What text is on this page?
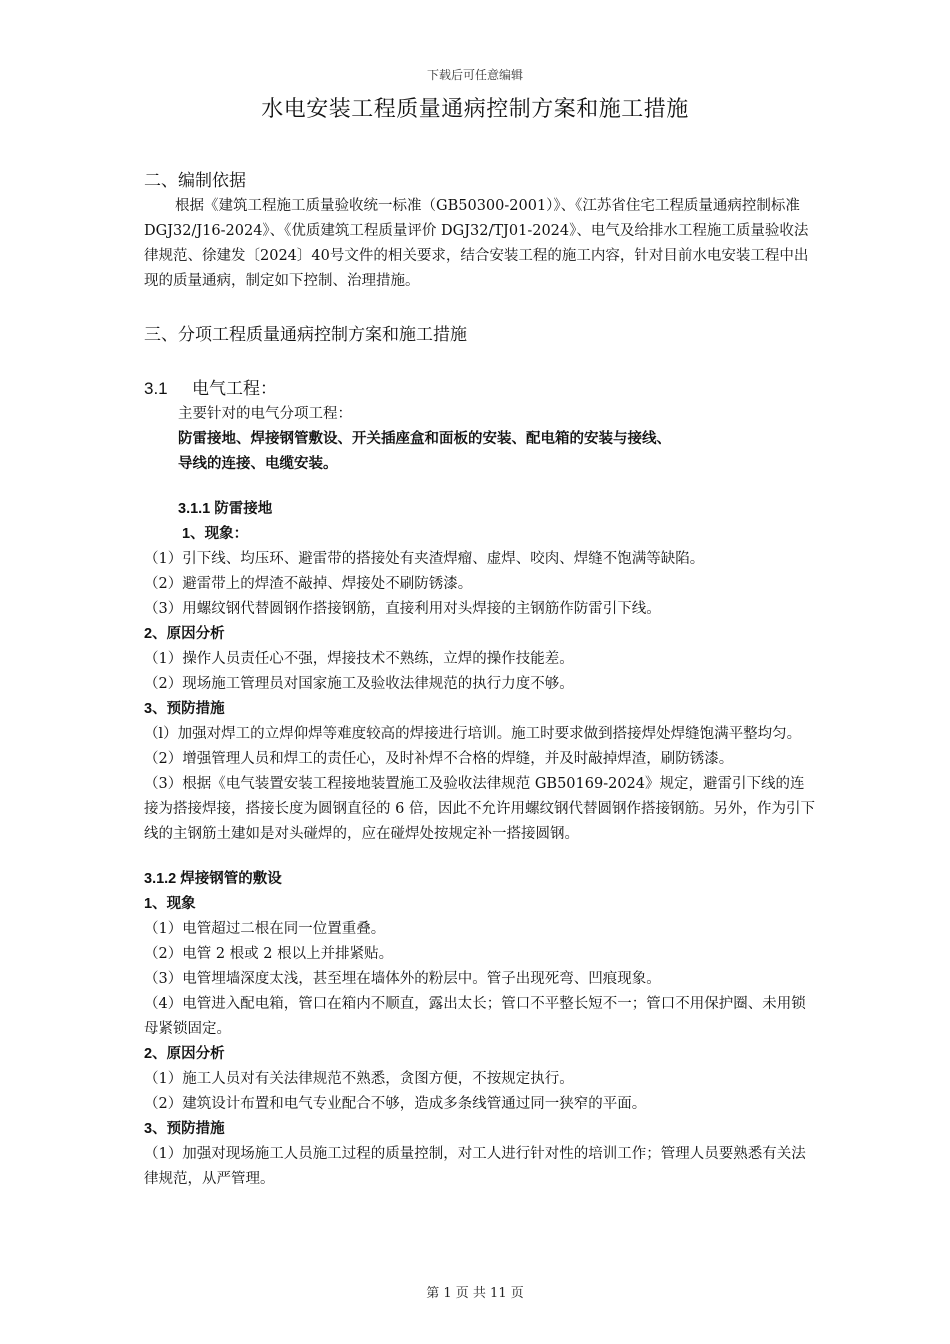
下载后可任意编辑
水电安装工程质量通病控制方案和施工措施

二、编制依据

根据《建筑工程施工质量验收统一标准（GB50300-2001）》、《江苏省住宅工程质量通病控制标准 DGJ32/J16-2024》、《优质建筑工程质量评价 DGJ32/TJ01-2024》、电气及给排水工程施工质量验收法律规范、徐建发〔2024〕40号文件的相关要求，结合安装工程的施工内容，针对目前水电安装工程中出现的质量通病，制定如下控制、治理措施。

三、分项工程质量通病控制方案和施工措施

3.1 电气工程：

主要针对的电气分项工程：

防雷接地、焊接钢管敷设、开关插座盒和面板的安装、配电箱的安装与接线、

导线的连接、电缆安装。

3.1.1 防雷接地

1、现象：

（1）引下线、均压环、避雷带的搭接处有夹渣焊瘤、虚焊、咬肉、焊缝不饱满等缺陷。

（2）避雷带上的焊渣不敲掉、焊接处不刷防锈漆。

（3）用螺纹钢代替圆钢作搭接钢筋，直接利用对头焊接的主钢筋作防雷引下线。

2、原因分析

（1）操作人员责任心不强，焊接技术不熟练，立焊的操作技能差。

（2）现场施工管理员对国家施工及验收法律规范的执行力度不够。

3、预防措施

（l）加强对焊工的立焊仰焊等难度较高的焊接进行培训。施工时要求做到搭接焊处焊缝饱满平整均匀。

（2）增强管理人员和焊工的责任心，及时补焊不合格的焊缝，并及时敲掉焊渣，刷防锈漆。

（3）根据《电气装置安装工程接地装置施工及验收法律规范 GB50169-2024》规定，避雷引下线的连接为搭接焊接，搭接长度为圆钢直径的 6 倍，因此不允许用螺纹钢代替圆钢作搭接钢筋。另外，作为引下线的主钢筋土建如是对头碰焊的，应在碰焊处按规定补一搭接圆钢。

3.1.2 焊接钢管的敷设

1、现象

（1）电管超过二根在同一位置重叠。

（2）电管 2 根或 2 根以上并排紧贴。

（3）电管埋墙深度太浅，甚至埋在墙体外的粉层中。管子出现死弯、凹痕现象。

（4）电管进入配电箱，管口在箱内不顺直，露出太长；管口不平整长短不一；管口不用保护圈、未用锁母紧锁固定。

2、原因分析

（1）施工人员对有关法律规范不熟悉，贪图方便，不按规定执行。

（2）建筑设计布置和电气专业配合不够，造成多条线管通过同一狭窄的平面。

3、预防措施

（1）加强对现场施工人员施工过程的质量控制，对工人进行针对性的培训工作；管理人员要熟悉有关法律规范，从严管理。

第 1 页 共 11 页
